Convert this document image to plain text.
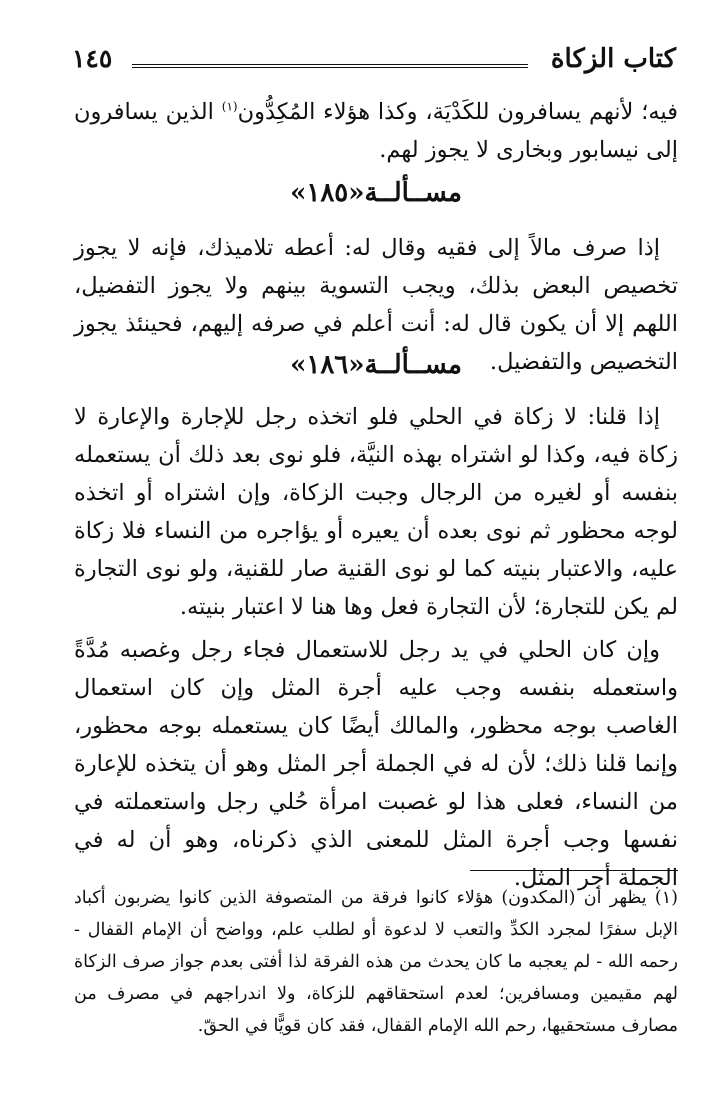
كتاب الزكاة
١٤٥

فيه؛ لأنهم يسافرون للكَدْيَة، وكذا هؤلاء المُكِدُّون$^{(١)}$ الذين يسافرون إلى نيسابور وبخارى لا يجوز لهم.

مســألــة«١٨٥»

إذا صرف مالاً إلى فقيه وقال له: أعطه تلاميذك، فإنه لا يجوز تخصيص البعض بذلك، ويجب التسوية بينهم ولا يجوز التفضيل، اللهم إلا أن يكون قال له: أنت أعلم في صرفه إليهم، فحينئذ يجوز التخصيص والتفضيل.

مســألــة«١٨٦»

إذا قلنا: لا زكاة في الحلي فلو اتخذه رجل للإجارة والإعارة لا زكاة فيه، وكذا لو اشتراه بهذه النيَّة، فلو نوى بعد ذلك أن يستعمله بنفسه أو لغيره من الرجال وجبت الزكاة، وإن اشتراه أو اتخذه لوجه محظور ثم نوى بعده أن يعيره أو يؤاجره من النساء فلا زكاة عليه، والاعتبار بنيته كما لو نوى القنية صار للقنية، ولو نوى التجارة لم يكن للتجارة؛ لأن التجارة فعل وها هنا لا اعتبار بنيته.

وإن كان الحلي في يد رجل للاستعمال فجاء رجل وغصبه مُدَّةً واستعمله بنفسه وجب عليه أجرة المثل وإن كان استعمال الغاصب بوجه محظور، والمالك أيضًا كان يستعمله بوجه محظور، وإنما قلنا ذلك؛ لأن له في الجملة أجر المثل وهو أن يتخذه للإعارة من النساء، فعلى هذا لو غصبت امرأة حُلي رجل واستعملته في نفسها وجب أجرة المثل للمعنى الذي ذكرناه، وهو أن له في الجملة أجر المثل.

(١) يظهر أن (المكدون) هؤلاء كانوا فرقة من المتصوفة الذين كانوا يضربون أكباد الإبل سفرًا لمجرد الكدِّ والتعب لا لدعوة أو لطلب علم، وواضح أن الإمام القفال - رحمه الله - لم يعجبه ما كان يحدث من هذه الفرقة لذا أفتى بعدم جواز صرف الزكاة لهم مقيمين ومسافرين؛ لعدم استحقاقهم للزكاة، ولا اندراجهم في مصرف من مصارف مستحقيها، رحم الله الإمام القفال، فقد كان قويًّا في الحقّ.
